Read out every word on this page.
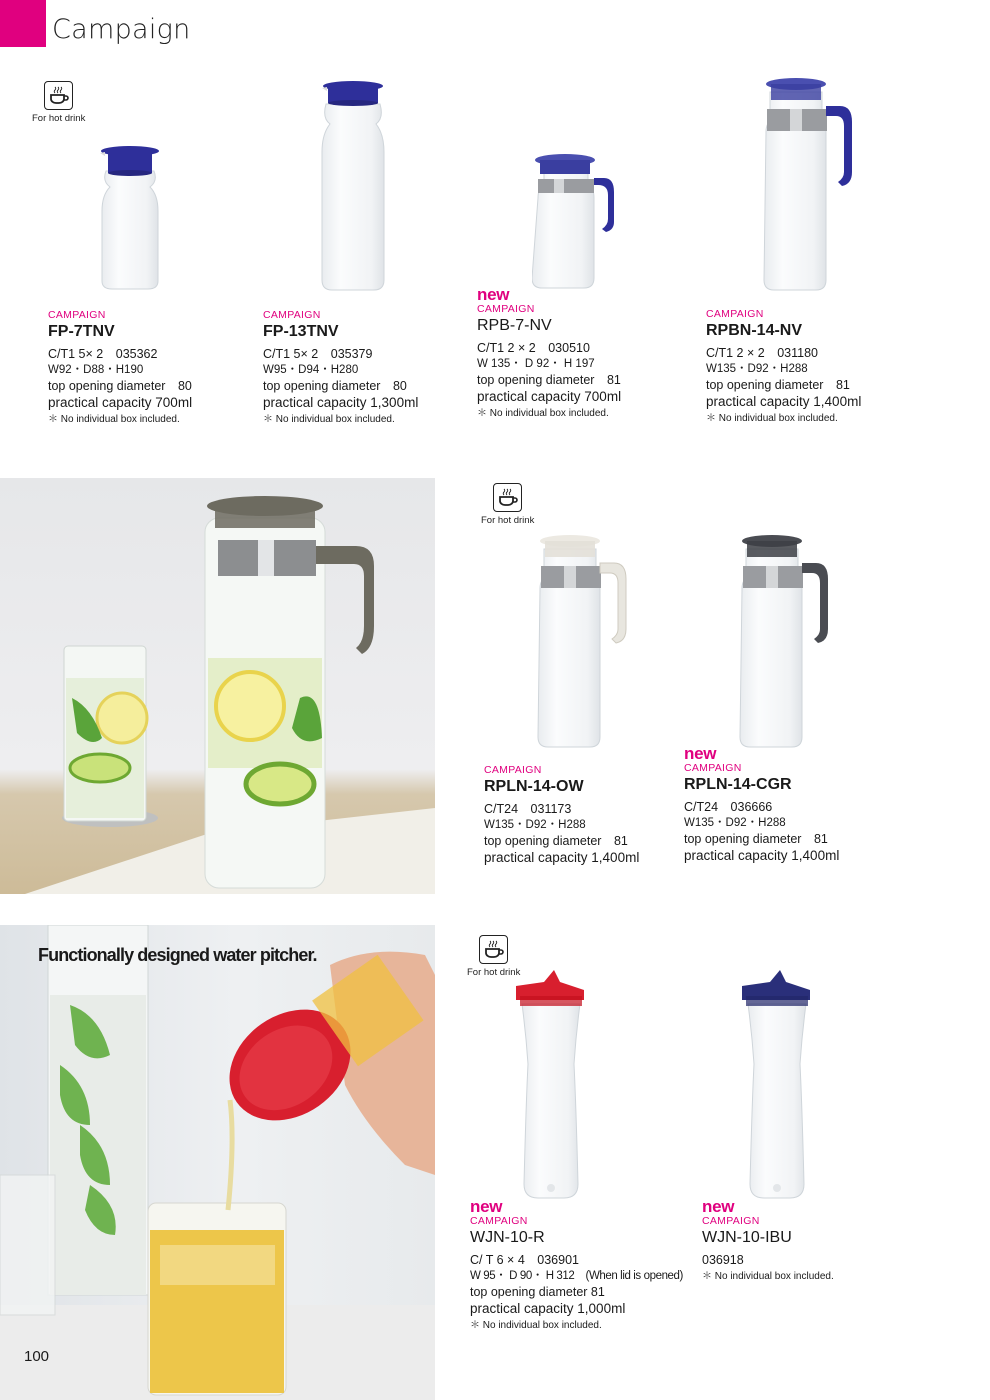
Campaign
For hot drink
For hot drink
For hot drink
CAMPAIGN
FP-7TNV
C/T1 5× 2　035362
W92・D88・H190
top opening diameter　80
practical capacity 700ml
＊ No individual box included.
CAMPAIGN
FP-13TNV
C/T1 5× 2　035379
W95・D94・H280
top opening diameter　80
practical capacity 1,300ml
＊ No individual box included.
new
CAMPAIGN
RPB-7-NV
C/T1 2 × 2　030510
W 135・ D 92・ H 197
top opening diameter　81
practical capacity 700ml
＊ No individual box included.
CAMPAIGN
RPBN-14-NV
C/T1 2 × 2　031180
W135・D92・H288
top opening diameter　81
practical capacity 1,400ml
＊ No individual box included.
CAMPAIGN
RPLN-14-OW
C/T24　031173
W135・D92・H288
top opening diameter　81
practical capacity 1,400ml
new
CAMPAIGN
RPLN-14-CGR
C/T24　036666
W135・D92・H288
top opening diameter　81
practical capacity 1,400ml
new
CAMPAIGN
WJN-10-R
C/ T 6 × 4　036901
W 95・ D 90・ H 312　(When lid is opened)
top opening diameter 81
practical capacity 1,000ml
＊ No individual box included.
new
CAMPAIGN
WJN-10-IBU
036918
＊ No individual box included.
Functionally designed water pitcher.
100
